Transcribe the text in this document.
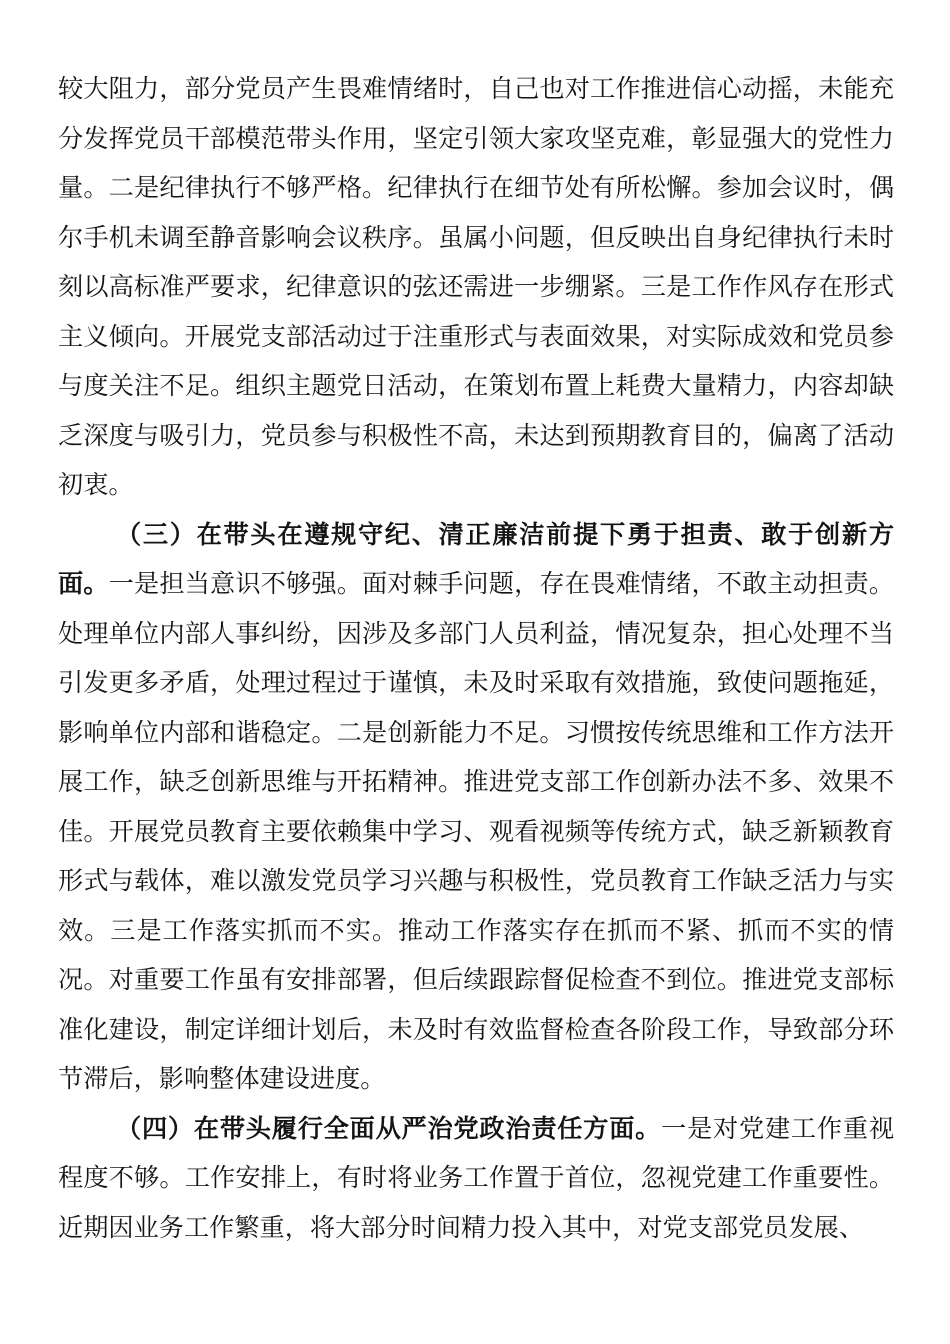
较大阻力，部分党员产生畏难情绪时，自己也对工作推进信心动摇，未能充分发挥党员干部模范带头作用，坚定引领大家攻坚克难，彰显强大的党性力量。二是纪律执行不够严格。纪律执行在细节处有所松懈。参加会议时，偶尔手机未调至静音影响会议秩序。虽属小问题，但反映出自身纪律执行未时刻以高标准严要求，纪律意识的弦还需进一步绷紧。三是工作作风存在形式主义倾向。开展党支部活动过于注重形式与表面效果，对实际成效和党员参与度关注不足。组织主题党日活动，在策划布置上耗费大量精力，内容却缺乏深度与吸引力，党员参与积极性不高，未达到预期教育目的，偏离了活动初衷。

（三）在带头在遵规守纪、清正廉洁前提下勇于担责、敢于创新方面。一是担当意识不够强。面对棘手问题，存在畏难情绪，不敢主动担责。处理单位内部人事纠纷，因涉及多部门人员利益，情况复杂，担心处理不当引发更多矛盾，处理过程过于谨慎，未及时采取有效措施，致使问题拖延，影响单位内部和谐稳定。二是创新能力不足。习惯按传统思维和工作方法开展工作，缺乏创新思维与开拓精神。推进党支部工作创新办法不多、效果不佳。开展党员教育主要依赖集中学习、观看视频等传统方式，缺乏新颖教育形式与载体，难以激发党员学习兴趣与积极性，党员教育工作缺乏活力与实效。三是工作落实抓而不实。推动工作落实存在抓而不紧、抓而不实的情况。对重要工作虽有安排部署，但后续跟踪督促检查不到位。推进党支部标准化建设，制定详细计划后，未及时有效监督检查各阶段工作，导致部分环节滞后，影响整体建设进度。

（四）在带头履行全面从严治党政治责任方面。一是对党建工作重视程度不够。工作安排上，有时将业务工作置于首位，忽视党建工作重要性。近期因业务工作繁重，将大部分时间精力投入其中，对党支部党员发展、
